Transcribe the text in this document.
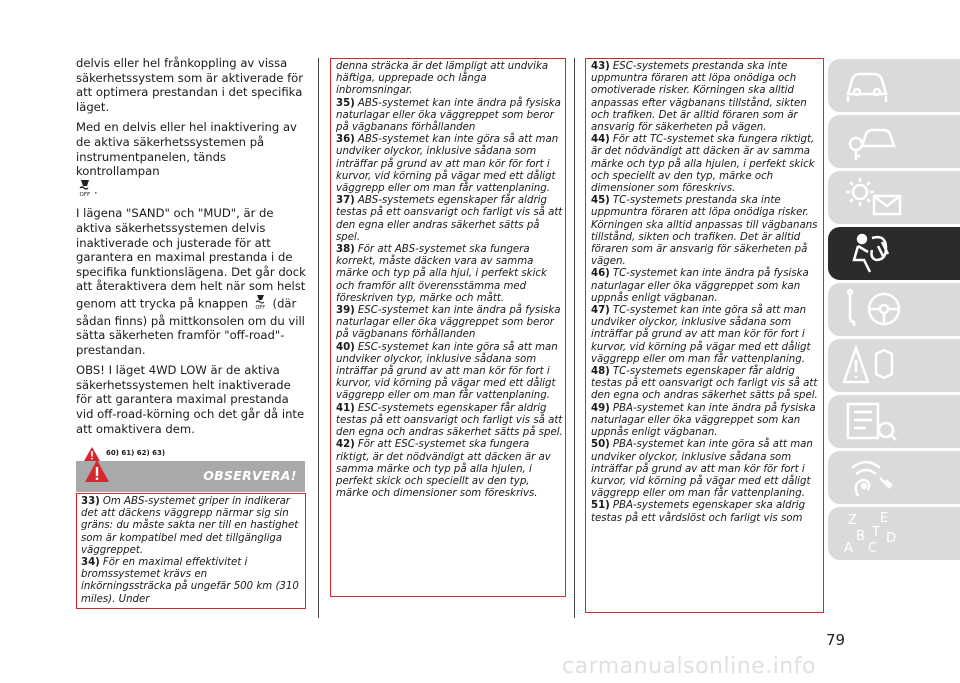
delvis eller hel frånkoppling av vissa säkerhetssystem som är aktiverade för att optimera prestandan i det specifika läget.

Med en delvis eller hel inaktivering av de aktiva säkerhetssystemen på instrumentpanelen, tänds kontrollampan

OFF .

I lägena "SAND" och "MUD", är de aktiva säkerhetssystemen delvis inaktiverade och justerade för att garantera en maximal prestanda i de specifika funktionslägena. Det går dock att återaktivera dem helt när som helst genom att trycka på knappen OFF (där sådan finns) på mittkonsolen om du vill sätta säkerheten framför "off-road"-prestandan.

OBS! I läget 4WD LOW är de aktiva säkerhetssystemen helt inaktiverade för att garantera maximal prestanda vid off-road-körning och det går då inte att omaktivera dem.

60) 61) 62) 63)
OBSERVERA!
33) Om ABS-systemet griper in indikerar det att däckens väggrepp närmar sig sin gräns: du måste sakta ner till en hastighet som är kompatibel med det tillgängliga väggreppet.
34) För en maximal effektivitet i bromssystemet krävs en inkörningssträcka på ungefär 500 km (310 miles). Under
denna sträcka är det lämpligt att undvika häftiga, upprepade och långa inbromsningar.
35) ABS-systemet kan inte ändra på fysiska naturlagar eller öka väggreppet som beror på vägbanans förhållanden
36) ABS-systemet kan inte göra så att man undviker olyckor, inklusive sådana som inträffar på grund av att man kör för fort i kurvor, vid körning på vägar med ett dåligt väggrepp eller om man får vattenplaning.
37) ABS-systemets egenskaper får aldrig testas på ett oansvarigt och farligt vis så att den egna eller andras säkerhet sätts på spel.
38) För att ABS-systemet ska fungera korrekt, måste däcken vara av samma märke och typ på alla hjul, i perfekt skick och framför allt överensstämma med föreskriven typ, märke och mått.
39) ESC-systemet kan inte ändra på fysiska naturlagar eller öka väggreppet som beror på vägbanans förhållanden
40) ESC-systemet kan inte göra så att man undviker olyckor, inklusive sådana som inträffar på grund av att man kör för fort i kurvor, vid körning på vägar med ett dåligt väggrepp eller om man får vattenplaning.
41) ESC-systemets egenskaper får aldrig testas på ett oansvarigt och farligt vis så att den egna och andras säkerhet sätts på spel.
42) För att ESC-systemet ska fungera riktigt, är det nödvändigt att däcken är av samma märke och typ på alla hjulen, i perfekt skick och speciellt av den typ, märke och dimensioner som föreskrivs.
43) ESC-systemets prestanda ska inte uppmuntra föraren att löpa onödiga och omotiverade risker. Körningen ska alltid anpassas efter vägbanans tillstånd, sikten och trafiken. Det är alltid föraren som är ansvarig för säkerheten på vägen.
44) För att TC-systemet ska fungera riktigt, är det nödvändigt att däcken är av samma märke och typ på alla hjulen, i perfekt skick och speciellt av den typ, märke och dimensioner som föreskrivs.
45) TC-systemets prestanda ska inte uppmuntra föraren att löpa onödiga risker. Körningen ska alltid anpassas till vägbanans tillstånd, sikten och trafiken. Det är alltid föraren som är ansvarig för säkerheten på vägen.
46) TC-systemet kan inte ändra på fysiska naturlagar eller öka väggreppet som kan uppnås enligt vägbanan.
47) TC-systemet kan inte göra så att man undviker olyckor, inklusive sådana som inträffar på grund av att man kör för fort i kurvor, vid körning på vägar med ett dåligt väggrepp eller om man får vattenplaning.
48) TC-systemets egenskaper får aldrig testas på ett oansvarigt och farligt vis så att den egna och andras säkerhet sätts på spel.
49) PBA-systemet kan inte ändra på fysiska naturlagar eller öka väggreppet som kan uppnås enligt vägbanan.
50) PBA-systemet kan inte göra så att man undviker olyckor, inklusive sådana som inträffar på grund av att man kör för fort i kurvor, vid körning på vägar med ett dåligt väggrepp eller om man får vattenplaning.
51) PBA-systemets egenskaper ska aldrig testas på ett vårdslöst och farligt vis som	Z E
B
C
D
A
T
79
carmanualsonline.info
